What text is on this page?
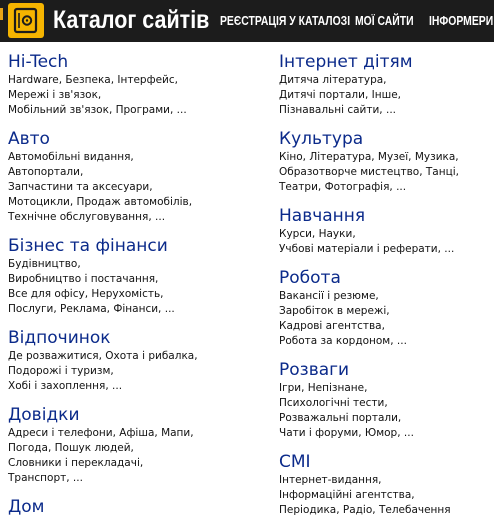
Каталог сайтів РЕЄСТРАЦІЯ У КАТАЛОЗІ МОЇ САЙТИ ІНФОРМЕРИ
Hi-Tech
Hardware, Безпека, Інтерфейс,
Мережі і зв'язок,
Мобільний зв'язок, Програми, ...
Авто
Автомобільні видання,
Автопортали,
Запчастини та аксесуари,
Мотоцикли, Продаж автомобілів,
Технічне обслуговування, ...
Бізнес та фінанси
Будівництво,
Виробництво і постачання,
Все для офісу, Нерухомість,
Послуги, Реклама, Фінанси, ...
Відпочинок
Де розважитися, Охота і рибалка,
Подорожі і туризм,
Хобі і захоплення, ...
Довідки
Адреси і телефони, Афіша, Мапи,
Погода, Пошук людей,
Словники і перекладачі,
Транспорт, ...
Дом
Інтернет дітям
Дитяча література,
Дитячі портали, Інше,
Пізнавальні сайти, ...
Культура
Кіно, Література, Музеї, Музика,
Образотворче мистецтво, Танці,
Театри, Фотографія, ...
Навчання
Курси, Науки,
Учбові матеріали і реферати, ...
Робота
Вакансії і резюме,
Заробіток в мережі,
Кадрові агентства,
Робота за кордоном, ...
Розваги
Ігри, Непізнане,
Психологічні тести,
Розважальні портали,
Чати і форуми, Юмор, ...
СМІ
Інтернет-видання,
Інформаційні агентства,
Періодика, Радіо, Телебачення
